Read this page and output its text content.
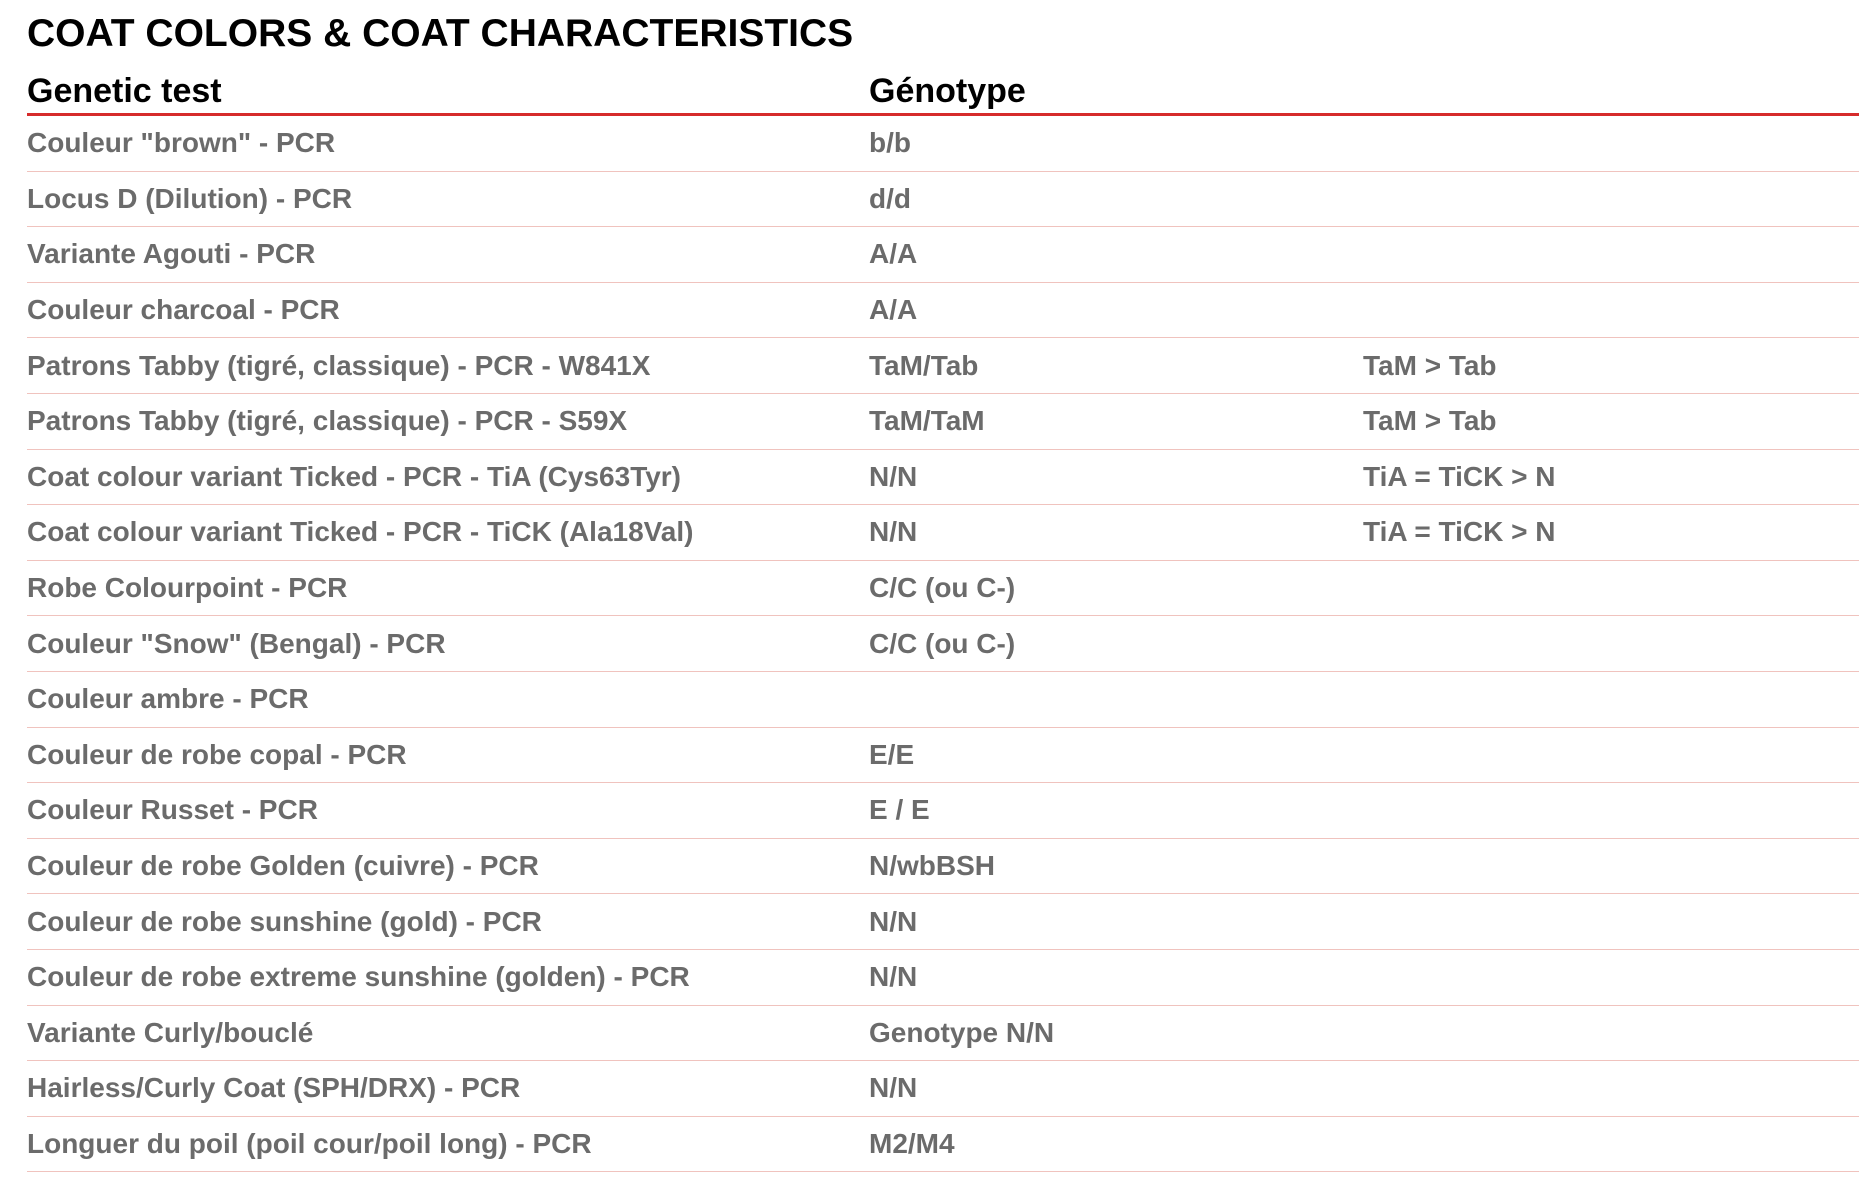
COAT COLORS & COAT CHARACTERISTICS
Genetic test	Génotype
Couleur "brown" - PCR	b/b
Locus D (Dilution) - PCR	d/d
Variante Agouti - PCR	A/A
Couleur charcoal - PCR	A/A
Patrons Tabby (tigré, classique) - PCR - W841X	TaM/Tab	TaM > Tab
Patrons Tabby (tigré, classique) - PCR - S59X	TaM/TaM	TaM > Tab
Coat colour variant Ticked - PCR - TiA (Cys63Tyr)	N/N	TiA = TiCK > N
Coat colour variant Ticked - PCR - TiCK (Ala18Val)	N/N	TiA = TiCK > N
Robe Colourpoint - PCR	C/C (ou C-)
Couleur "Snow" (Bengal) - PCR	C/C (ou C-)
Couleur ambre - PCR
Couleur de robe copal - PCR	E/E
Couleur Russet - PCR	E / E
Couleur de robe Golden (cuivre) - PCR	N/wbBSH
Couleur de robe sunshine (gold) - PCR	N/N
Couleur de robe extreme sunshine (golden) - PCR	N/N
Variante Curly/bouclé	Genotype N/N
Hairless/Curly Coat (SPH/DRX) - PCR	N/N
Longuer du poil (poil cour/poil long) - PCR	M2/M4
